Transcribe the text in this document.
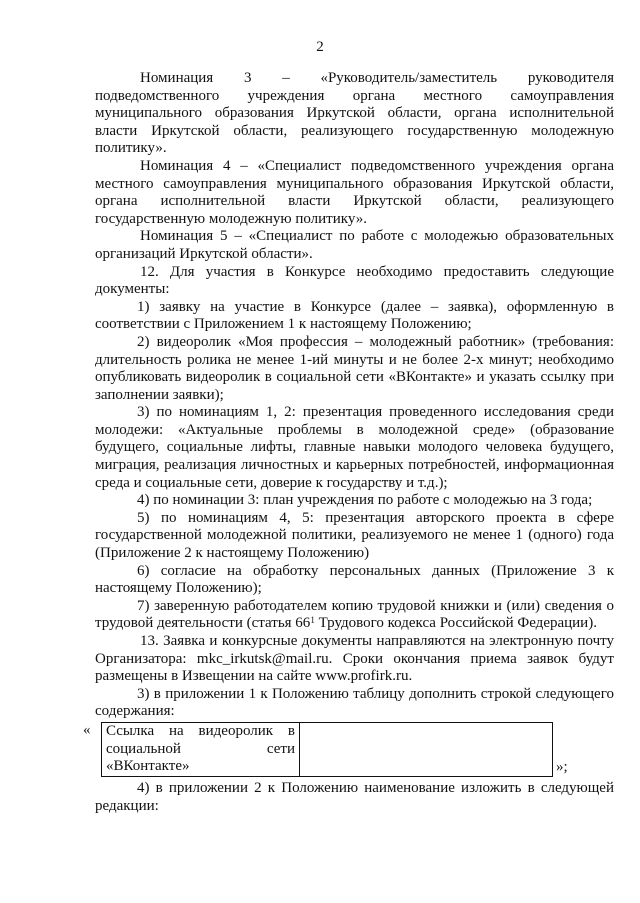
2

Номинация 3 – «Руководитель/заместитель руководителя подведомственного учреждения органа местного самоуправления муниципального образования Иркутской области, органа исполнительной власти Иркутской области, реализующего государственную молодежную политику».

Номинация 4 – «Специалист подведомственного учреждения органа местного самоуправления муниципального образования Иркутской области, органа исполнительной власти Иркутской области, реализующего государственную молодежную политику».

Номинация 5 – «Специалист по работе с молодежью образовательных организаций Иркутской области».

12. Для участия в Конкурсе необходимо предоставить следующие документы:

1) заявку на участие в Конкурсе (далее – заявка), оформленную в соответствии с Приложением 1 к настоящему Положению;

2) видеоролик «Моя профессия – молодежный работник» (требования: длительность ролика не менее 1-ий минуты и не более 2-х минут; необходимо опубликовать видеоролик в социальной сети «ВКонтакте» и указать ссылку при заполнении заявки);

3) по номинациям 1, 2: презентация проведенного исследования среди молодежи: «Актуальные проблемы в молодежной среде» (образование будущего, социальные лифты, главные навыки молодого человека будущего, миграция, реализация личностных и карьерных потребностей, информационная среда и социальные сети, доверие к государству и т.д.);

4) по номинации 3: план учреждения по работе с молодежью на 3 года;

5) по номинациям 4, 5: презентация авторского проекта в сфере государственной молодежной политики, реализуемого не менее 1 (одного) года (Приложение 2 к настоящему Положению)

6) согласие на обработку персональных данных (Приложение 3 к настоящему Положению);

7) заверенную работодателем копию трудовой книжки и (или) сведения о трудовой деятельности (статья $66^1$ Трудового кодекса Российской Федерации).

13. Заявка и конкурсные документы направляются на электронную почту Организатора: mkc_irkutsk@mail.ru. Сроки окончания приема заявок будут размещены в Извещении на сайте www.profirk.ru.

3) в приложении 1 к Положению таблицу дополнить строкой следующего содержания:

« Ссылка на видеоролик в социальной сети «ВКонтакте»		»;

4) в приложении 2 к Положению наименование изложить в следующей редакции:
